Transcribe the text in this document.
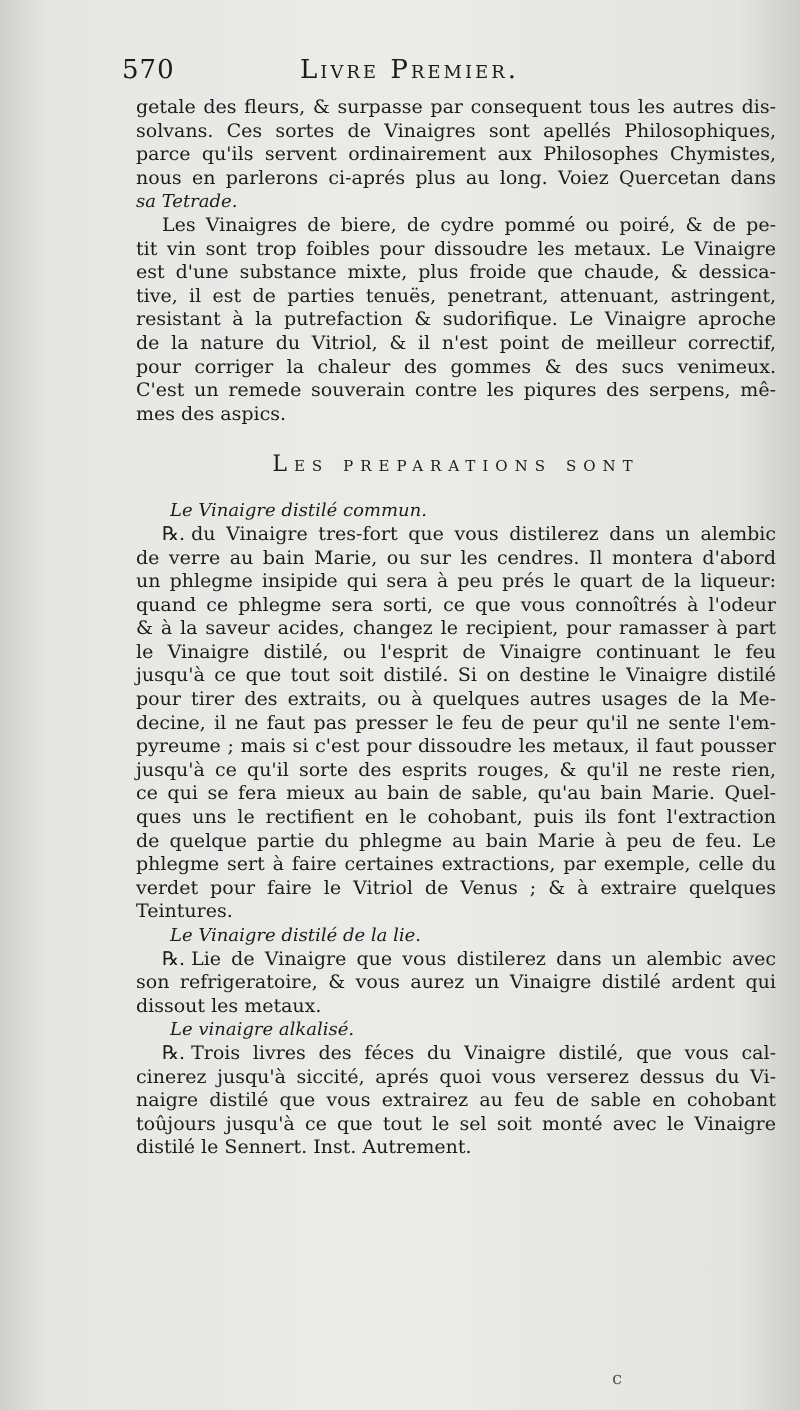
570	Livre Premier.
getale des fleurs, & surpasse par consequent tous les autres dis-
solvans. Ces sortes de Vinaigres sont apellés Philosophiques,
parce qu'ils servent ordinairement aux Philosophes Chymistes,
nous en parlerons ci-aprés plus au long. Voiez Quercetan dans
sa Tetrade.
Les Vinaigres de biere, de cydre pommé ou poiré, & de pe-
tit vin sont trop foibles pour dissoudre les metaux. Le Vinaigre
est d'une substance mixte, plus froide que chaude, & dessica-
tive, il est de parties tenuës, penetrant, attenuant, astringent,
resistant à la putrefaction & sudorifique. Le Vinaigre aproche
de la nature du Vitriol, & il n'est point de meilleur correctif,
pour corriger la chaleur des gommes & des sucs venimeux.
C'est un remede souverain contre les piqures des serpens, mê-
mes des aspics.
Les preparations sont
Le Vinaigre distilé commun.
℞. du Vinaigre tres-fort que vous distilerez dans un alembic
de verre au bain Marie, ou sur les cendres. Il montera d'abord
un phlegme insipide qui sera à peu prés le quart de la liqueur:
quand ce phlegme sera sorti, ce que vous connoîtrés à l'odeur
& à la saveur acides, changez le recipient, pour ramasser à part
le Vinaigre distilé, ou l'esprit de Vinaigre continuant le feu
jusqu'à ce que tout soit distilé. Si on destine le Vinaigre distilé
pour tirer des extraits, ou à quelques autres usages de la Me-
decine, il ne faut pas presser le feu de peur qu'il ne sente l'em-
pyreume ; mais si c'est pour dissoudre les metaux, il faut pousser
jusqu'à ce qu'il sorte des esprits rouges, & qu'il ne reste rien,
ce qui se fera mieux au bain de sable, qu'au bain Marie. Quel-
ques uns le rectifient en le cohobant, puis ils font l'extraction
de quelque partie du phlegme au bain Marie à peu de feu. Le
phlegme sert à faire certaines extractions, par exemple, celle du
verdet pour faire le Vitriol de Venus ; & à extraire quelques
Teintures.
Le Vinaigre distilé de la lie.
℞. Lie de Vinaigre que vous distilerez dans un alembic avec
son refrigeratoire, & vous aurez un Vinaigre distilé ardent qui
dissout les metaux.
Le vinaigre alkalisé.
℞. Trois livres des féces du Vinaigre distilé, que vous cal-
cinerez jusqu'à siccité, aprés quoi vous verserez dessus du Vi-
naigre distilé que vous extrairez au feu de sable en cohobant
toûjours jusqu'à ce que tout le sel soit monté avec le Vinaigre
distilé le Sennert. Inst. Autrement.
c
